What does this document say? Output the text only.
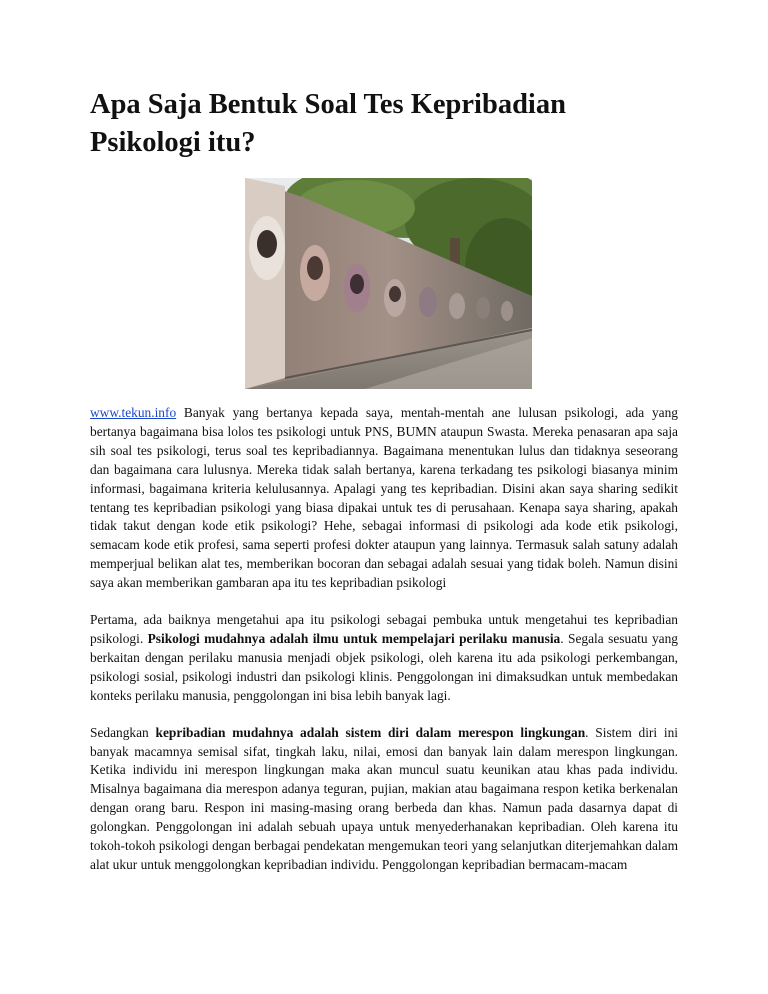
Apa Saja Bentuk Soal Tes Kepribadian Psikologi itu?

www.tekun.info Banyak yang bertanya kepada saya, mentah-mentah ane lulusan psikologi, ada yang bertanya bagaimana bisa lolos tes psikologi untuk PNS, BUMN ataupun Swasta. Mereka penasaran apa saja sih soal tes psikologi, terus soal tes kepribadiannya. Bagaimana menentukan lulus dan tidaknya seseorang dan bagaimana cara lulusnya. Mereka tidak salah bertanya, karena terkadang tes psikologi biasanya minim informasi, bagaimana kriteria kelulusannya. Apalagi yang tes kepribadian. Disini akan saya sharing sedikit tentang tes kepribadian psikologi yang biasa dipakai untuk tes di perusahaan. Kenapa saya sharing, apakah tidak takut dengan kode etik psikologi? Hehe, sebagai informasi di psikologi ada kode etik psikologi, semacam kode etik profesi, sama seperti profesi dokter ataupun yang lainnya. Termasuk salah satuny adalah memperjual belikan alat tes, memberikan bocoran dan sebagai adalah sesuai yang tidak boleh. Namun disini saya akan memberikan gambaran apa itu tes kepribadian psikologi

Pertama, ada baiknya mengetahui apa itu psikologi sebagai pembuka untuk mengetahui tes kepribadian psikologi. Psikologi mudahnya adalah ilmu untuk mempelajari perilaku manusia. Segala sesuatu yang berkaitan dengan perilaku manusia menjadi objek psikologi, oleh karena itu ada psikologi perkembangan, psikologi sosial, psikologi industri dan psikologi klinis. Penggolongan ini dimaksudkan untuk membedakan konteks perilaku manusia, penggolongan ini bisa lebih banyak lagi.

Sedangkan kepribadian mudahnya adalah sistem diri dalam merespon lingkungan. Sistem diri ini banyak macamnya semisal sifat, tingkah laku, nilai, emosi dan banyak lain dalam merespon lingkungan. Ketika individu ini merespon lingkungan maka akan muncul suatu keunikan atau khas pada individu. Misalnya bagaimana dia merespon adanya teguran, pujian, makian atau bagaimana respon ketika berkenalan dengan orang baru. Respon ini masing-masing orang berbeda dan khas. Namun pada dasarnya dapat di golongkan. Penggolongan ini adalah sebuah upaya untuk menyederhanakan kepribadian. Oleh karena itu tokoh-tokoh psikologi dengan berbagai pendekatan mengemukan teori yang selanjutkan diterjemahkan dalam alat ukur untuk menggolongkan kepribadian individu. Penggolongan kepribadian bermacam-macam
